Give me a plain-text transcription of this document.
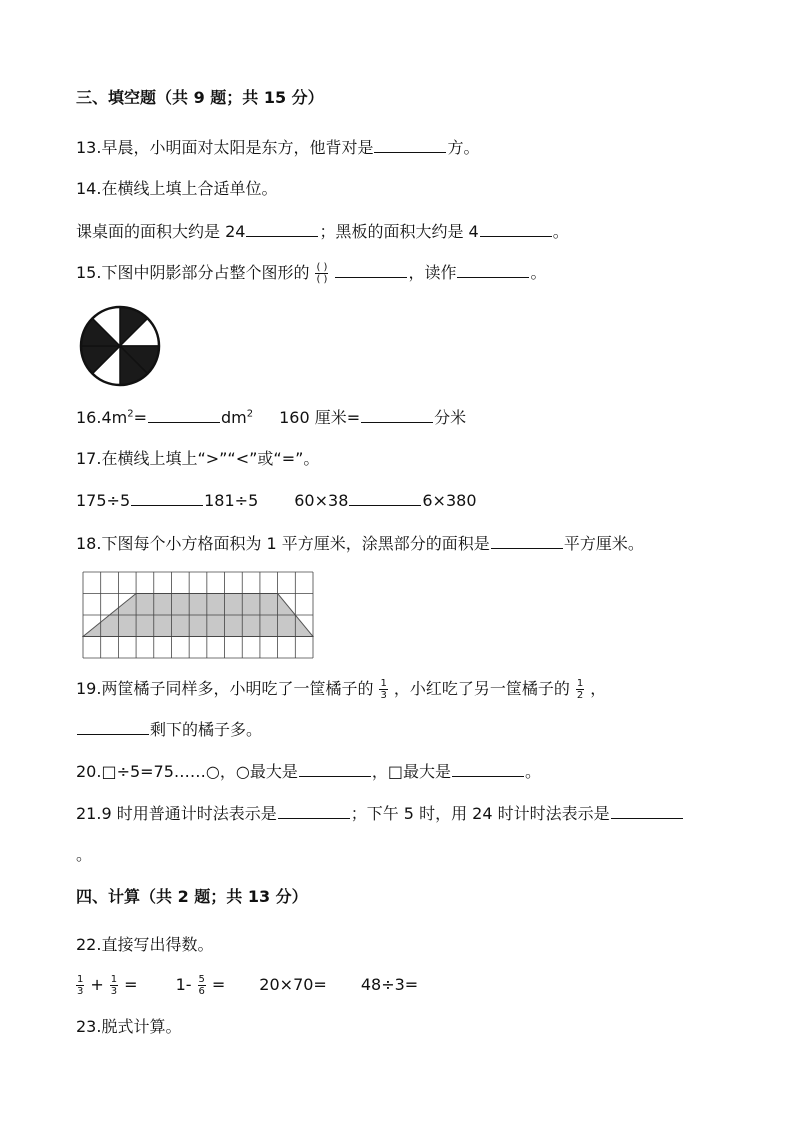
三、填空题（共 9 题；共 15 分）
13.早晨，小明面对太阳是东方，他背对是	方。
14.在横线上填上合适单位。
课桌面的面积大约是 24	；黑板的面积大约是 4	。
15.下图中阴影部分占整个图形的 $\frac{( )}{( )}$	，读作	。
$16.4m^2=$	$dm^2$ 160 厘米=	分米
17.在横线上填上“>”“<”或“=”。
175÷5	181÷5 60×38	6×380
18.下图每个小方格面积为 1 平方厘米，涂黑部分的面积是	平方厘米。
19.两筐橘子同样多，小明吃了一筐橘子的 $\frac{1}{3}$ ，小红吃了另一筐橘子的 $\frac{1}{2}$ ，
剩下的橘子多。
20.□÷5=75……○，○最大是	，□最大是	。
21.9 时用普通计时法表示是	；下午 5 时，用 24 时计时法表示是
。
四、计算（共 2 题；共 13 分）
22.直接写出得数。
$\frac{1}{3} + \frac{1}{3} = 1- \frac{5}{6} = 20\times 70= 48\div 3=$
23.脱式计算。
